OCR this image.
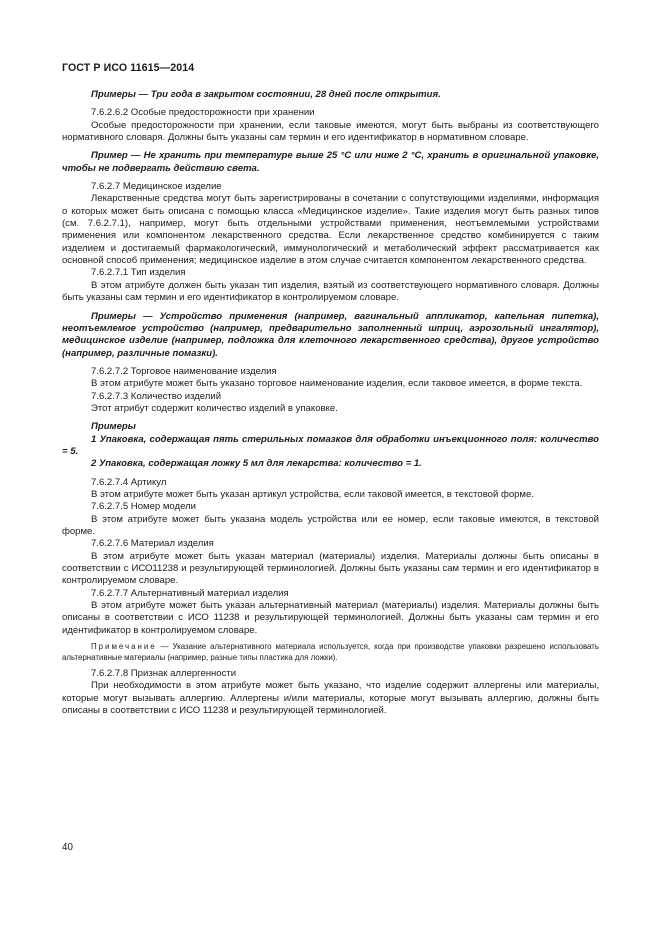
ГОСТ Р ИСО 11615—2014

Примеры — Три года в закрытом состоянии, 28 дней после открытия.

7.6.2.6.2 Особые предосторожности при хранении

Особые предосторожности при хранении, если таковые имеются, могут быть выбраны из соответствующего нормативного словаря. Должны быть указаны сам термин и его идентификатор в нормативном словаре.

Пример — Не хранить при температуре выше 25 °C или ниже 2 °C, хранить в оригинальной упаковке, чтобы не подвергать действию света.

7.6.2.7 Медицинское изделие

Лекарственные средства могут быть зарегистрированы в сочетании с сопутствующими изделиями, информация о которых может быть описана с помощью класса «Медицинское изделие». Такие изделия могут быть разных типов (см. 7.6.2.7.1), например, могут быть отдельными устройствами применения, неотъемлемыми устройствами применения или компонентом лекарственного средства. Если лекарственное средство комбинируется с таким изделием и достигаемый фармакологический, иммунологический и метаболический эффект рассматривается как основной способ применения; медицинское изделие в этом случае считается компонентом лекарственного средства.

7.6.2.7.1 Тип изделия

В этом атрибуте должен быть указан тип изделия, взятый из соответствующего нормативного словаря. Должны быть указаны сам термин и его идентификатор в контролируемом словаре.

Примеры — Устройство применения (например, вагинальный аппликатор, капельная пипетка), неотъемлемое устройство (например, предварительно заполненный шприц, аэрозольный ингалятор), медицинское изделие (например, подложка для клеточного лекарственного средства), другое устройство (например, различные помазки).

7.6.2.7.2 Торговое наименование изделия

В этом атрибуте может быть указано торговое наименование изделия, если таковое имеется, в форме текста.

7.6.2.7.3 Количество изделий

Этот атрибут содержит количество изделий в упаковке.

Примеры

1 Упаковка, содержащая пять стерильных помазков для обработки инъекционного поля: количество = 5.

2 Упаковка, содержащая ложку 5 мл для лекарства: количество = 1.

7.6.2.7.4 Артикул

В этом атрибуте может быть указан артикул устройства, если таковой имеется, в текстовой форме.

7.6.2.7.5 Номер модели

В этом атрибуте может быть указана модель устройства или ее номер, если таковые имеются, в текстовой форме.

7.6.2.7.6 Материал изделия

В этом атрибуте может быть указан материал (материалы) изделия. Материалы должны быть описаны в соответствии с ИСО11238 и результирующей терминологией. Должны быть указаны сам термин и его идентификатор в контролируемом словаре.

7.6.2.7.7 Альтернативный материал изделия

В этом атрибуте может быть указан альтернативный материал (материалы) изделия. Материалы должны быть описаны в соответствии с ИСО 11238 и результирующей терминологией. Должны быть указаны сам термин и его идентификатор в контролируемом словаре.

Примечание — Указание альтернативного материала используется, когда при производстве упаковки разрешено использовать альтернативные материалы (например, разные типы пластика для ложки).

7.6.2.7.8 Признак аллергенности

При необходимости в этом атрибуте может быть указано, что изделие содержит аллергены или материалы, которые могут вызывать аллергию. Аллергены и/или материалы, которые могут вызывать аллергию, должны быть описаны в соответствии с ИСО 11238 и результирующей терминологией.

40
